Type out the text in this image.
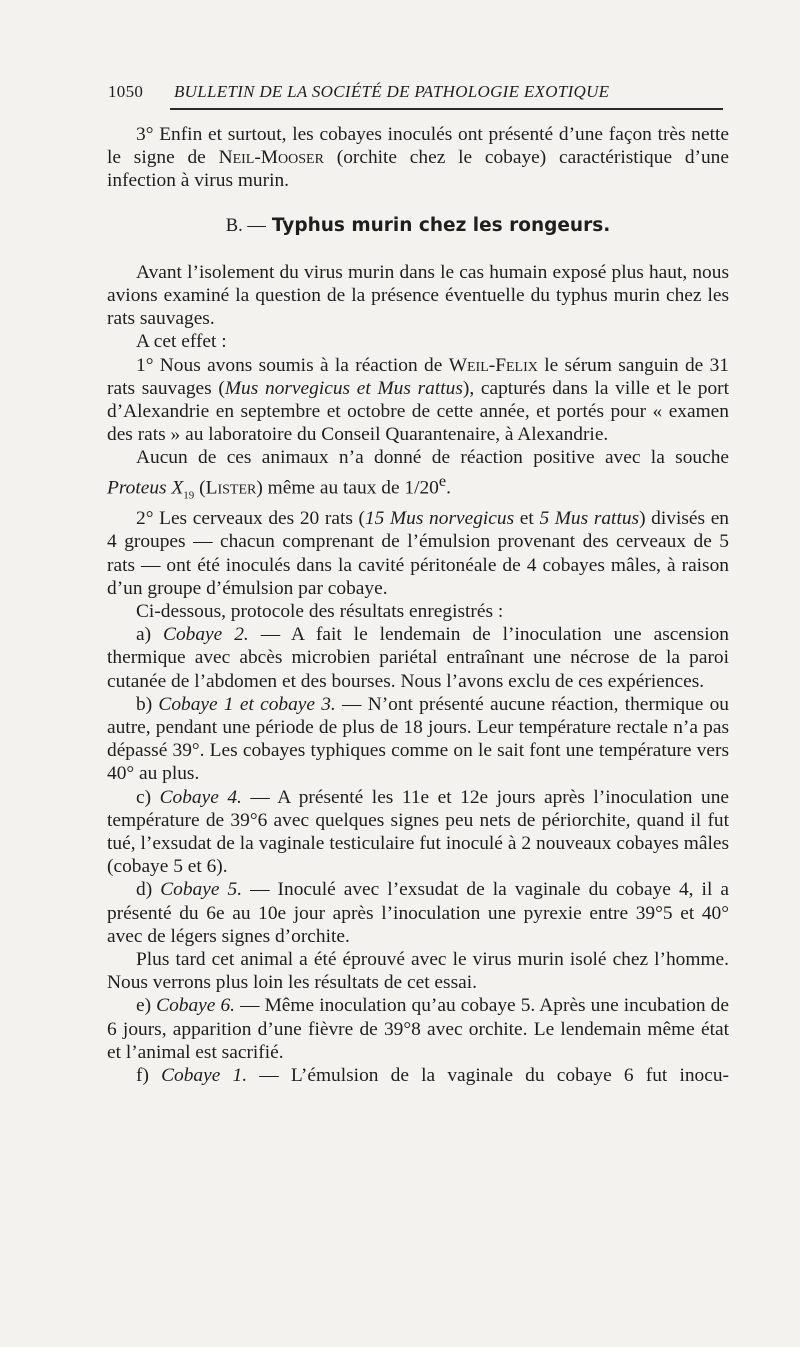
1050 BULLETIN DE LA SOCIÉTÉ DE PATHOLOGIE EXOTIQUE

3° Enfin et surtout, les cobayes inoculés ont présenté d’une façon très nette le signe de Neil-Mooser (orchite chez le cobaye) caractéristique d’une infection à virus murin.

B. — Typhus murin chez les rongeurs.

Avant l’isolement du virus murin dans le cas humain exposé plus haut, nous avions examiné la question de la présence éventuelle du typhus murin chez les rats sauvages.

A cet effet :

1° Nous avons soumis à la réaction de Weil-Felix le sérum sanguin de 31 rats sauvages (Mus norvegicus et Mus rattus), capturés dans la ville et le port d’Alexandrie en septembre et octobre de cette année, et portés pour « examen des rats » au laboratoire du Conseil Quarantenaire, à Alexandrie.

Aucun de ces animaux n’a donné de réaction positive avec la souche Proteus $X_{19}$ (Lister) même au taux de 1/20e.

2° Les cerveaux des 20 rats (15 Mus norvegicus et 5 Mus rattus) divisés en 4 groupes — chacun comprenant de l’émulsion provenant des cerveaux de 5 rats — ont été inoculés dans la cavité péritonéale de 4 cobayes mâles, à raison d’un groupe d’émulsion par cobaye.

Ci-dessous, protocole des résultats enregistrés :

a) Cobaye 2. — A fait le lendemain de l’inoculation une ascension thermique avec abcès microbien pariétal entraînant une nécrose de la paroi cutanée de l’abdomen et des bourses. Nous l’avons exclu de ces expériences.

b) Cobaye 1 et cobaye 3. — N’ont présenté aucune réaction, thermique ou autre, pendant une période de plus de 18 jours. Leur température rectale n’a pas dépassé 39°. Les cobayes typhiques comme on le sait font une température vers 40° au plus.

c) Cobaye 4. — A présenté les 11e et 12e jours après l’inoculation une température de 39°6 avec quelques signes peu nets de périorchite, quand il fut tué, l’exsudat de la vaginale testiculaire fut inoculé à 2 nouveaux cobayes mâles (cobaye 5 et 6).

d) Cobaye 5. — Inoculé avec l’exsudat de la vaginale du cobaye 4, il a présenté du 6e au 10e jour après l’inoculation une pyrexie entre 39°5 et 40° avec de légers signes d’orchite.

Plus tard cet animal a été éprouvé avec le virus murin isolé chez l’homme. Nous verrons plus loin les résultats de cet essai.

e) Cobaye 6. — Même inoculation qu’au cobaye 5. Après une incubation de 6 jours, apparition d’une fièvre de 39°8 avec orchite. Le lendemain même état et l’animal est sacrifié.

f) Cobaye 1. — L’émulsion de la vaginale du cobaye 6 fut inocu-
